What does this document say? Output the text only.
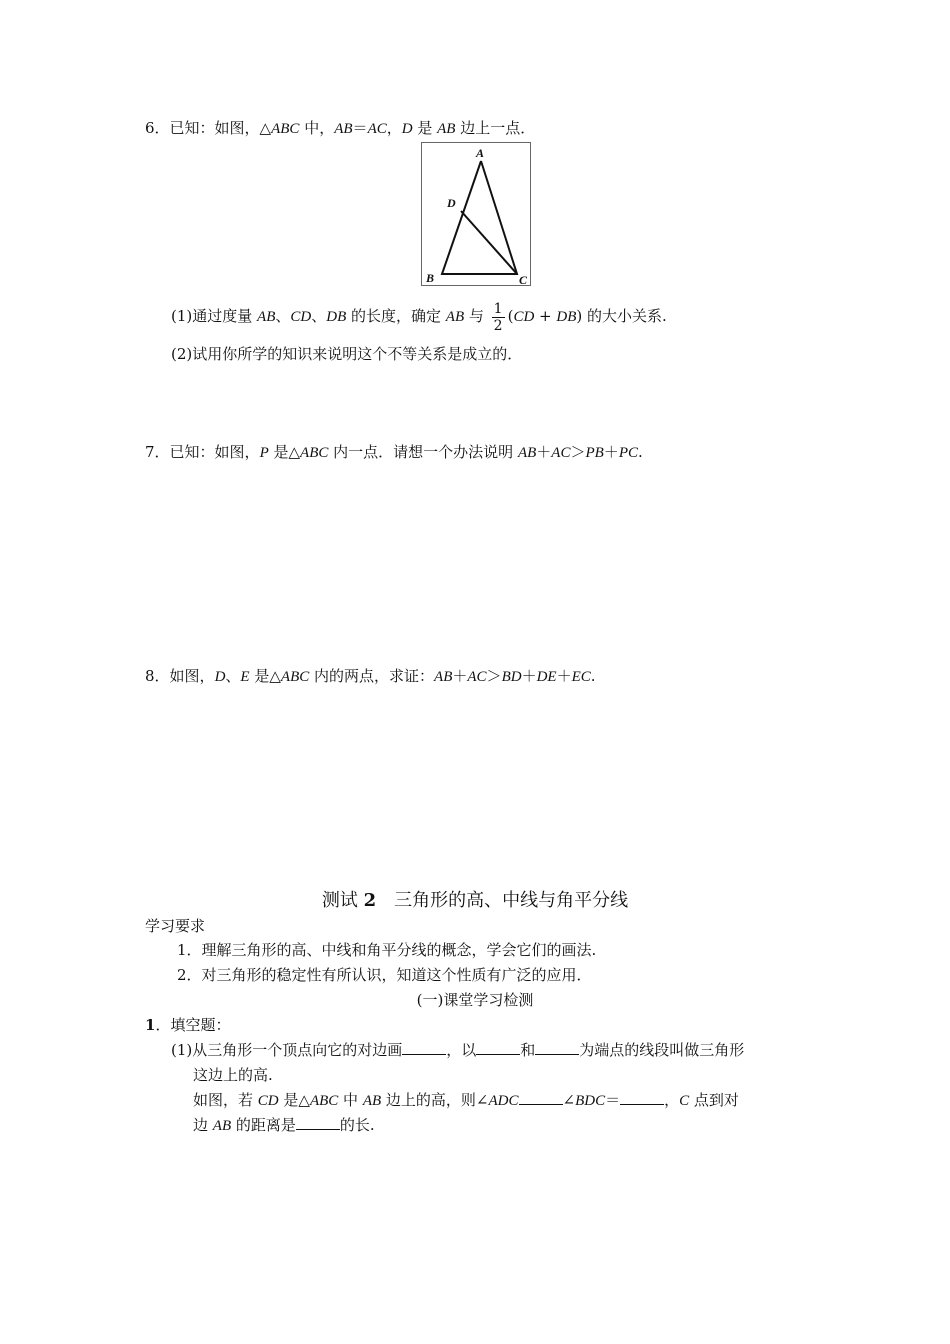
6．已知：如图，△ABC 中，AB＝AC，D 是 AB 边上一点．
A
B	C
D
(1)通过度量 AB、CD、DB 的长度，确定 AB 与 $\frac{1}{2} (CD + DB)$ 的大小关系.
(2)试用你所学的知识来说明这个不等关系是成立的．
7．已知：如图，P 是△ABC 内一点．请想一个办法说明 AB＋AC＞PB＋PC.
8．如图，D、E 是△ABC 内的两点，求证：AB＋AC＞BD＋DE＋EC.
测试 2　三角形的高、中线与角平分线
学习要求
1．理解三角形的高、中线和角平分线的概念，学会它们的画法.
2．对三角形的稳定性有所认识，知道这个性质有广泛的应用．
(一)课堂学习检测
1．填空题：
(1)从三角形一个顶点向它的对边画	，以	和	为端点的线段叫做三角形
这边上的高.
如图，若 CD 是△ABC 中 AB 边上的高，则∠ADC	∠BDC＝	，C 点到对
边 AB 的距离是	的长.
